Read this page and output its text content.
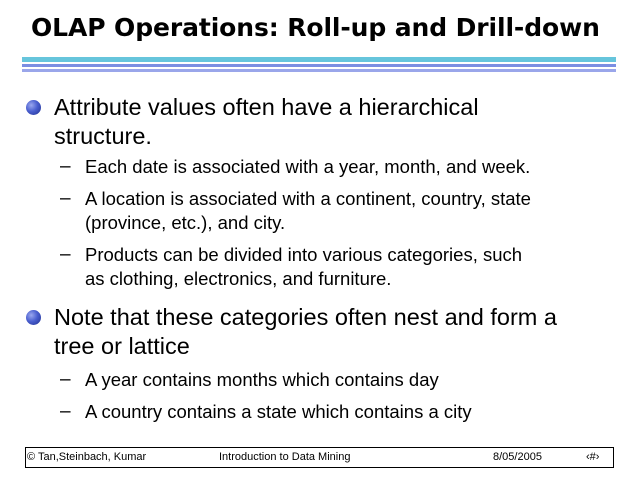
OLAP Operations: Roll-up and Drill-down
Attribute values often have a hierarchical
structure.
– Each date is associated with a year, month, and week.
– A location is associated with a continent, country, state
(province, etc.), and city.
– Products can be divided into various categories, such
as clothing, electronics, and furniture.
Note that these categories often nest and form a
tree or lattice
– A year contains months which contains day
– A country contains a state which contains a city
© Tan,Steinbach, Kumar	Introduction to Data Mining	8/05/2005	‹#›
